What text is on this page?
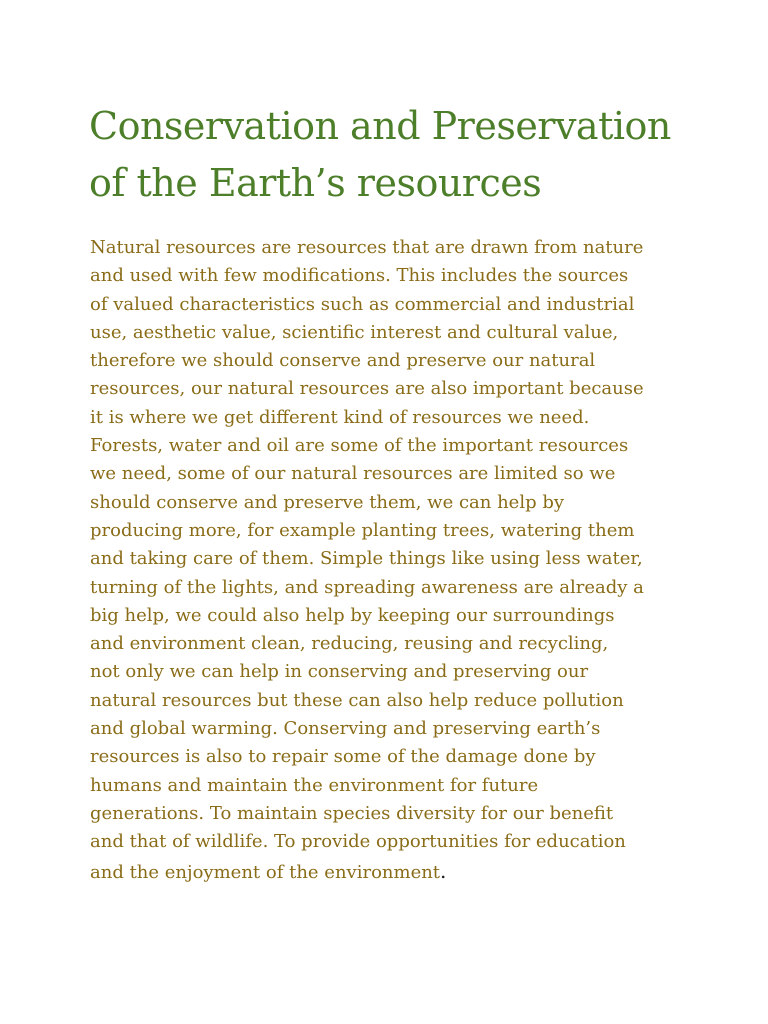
Conservation and Preservation
of the Earth’s resources
Natural resources are resources that are drawn from nature
and used with few modifications. This includes the sources
of valued characteristics such as commercial and industrial
use, aesthetic value, scientific interest and cultural value,
therefore we should conserve and preserve our natural
resources, our natural resources are also important because
it is where we get different kind of resources we need.
Forests, water and oil are some of the important resources
we need, some of our natural resources are limited so we
should conserve and preserve them, we can help by
producing more, for example planting trees, watering them
and taking care of them. Simple things like using less water,
turning of the lights, and spreading awareness are already a
big help, we could also help by keeping our surroundings
and environment clean, reducing, reusing and recycling,
not only we can help in conserving and preserving our
natural resources but these can also help reduce pollution
and global warming. Conserving and preserving earth’s
resources is also to repair some of the damage done by
humans and maintain the environment for future
generations. To maintain species diversity for our benefit
and that of wildlife. To provide opportunities for education
and the enjoyment of the environment.
